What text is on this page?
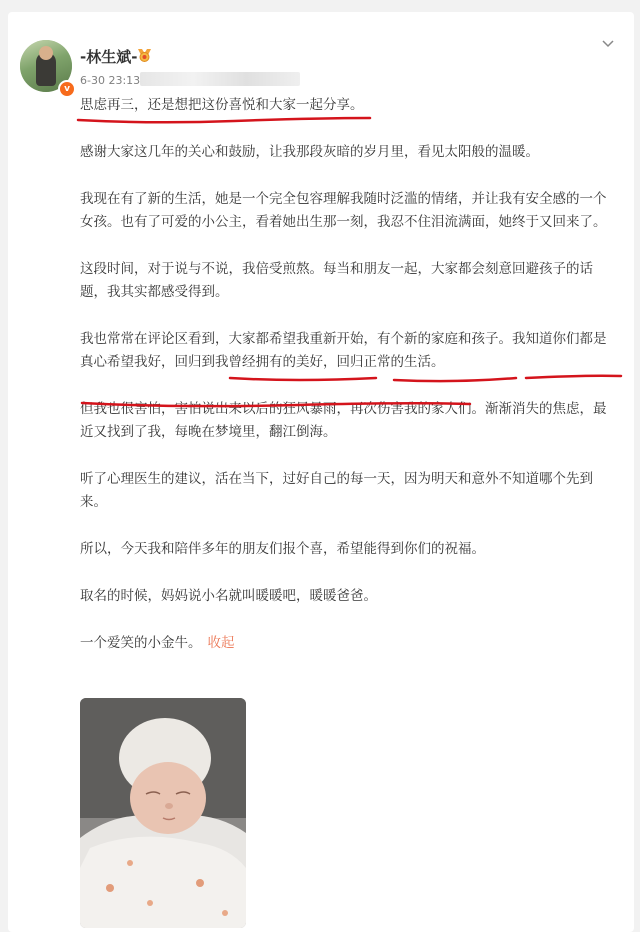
v
-林生斌-
6-30 23:13

思虑再三，还是想把这份喜悦和大家一起分享。

感谢大家这几年的关心和鼓励，让我那段灰暗的岁月里，看见太阳般的温暖。

我现在有了新的生活，她是一个完全包容理解我随时泛滥的情绪，并让我有安全感的一个女孩。也有了可爱的小公主，看着她出生那一刻，我忍不住泪流满面，她终于又回来了。

这段时间，对于说与不说，我倍受煎熬。每当和朋友一起，大家都会刻意回避孩子的话题，我其实都感受得到。

我也常常在评论区看到，大家都希望我重新开始，有个新的家庭和孩子。我知道你们都是真心希望我好，回归到我曾经拥有的美好，回归正常的生活。

但我也很害怕，害怕说出来以后的狂风暴雨，再次伤害我的家人们。渐渐消失的焦虑，最近又找到了我，每晚在梦境里，翻江倒海。

听了心理医生的建议，活在当下，过好自己的每一天，因为明天和意外不知道哪个先到来。

所以，今天我和陪伴多年的朋友们报个喜，希望能得到你们的祝福。

取名的时候，妈妈说小名就叫暖暖吧，暖暖爸爸。

一个爱笑的小金牛。 收起
